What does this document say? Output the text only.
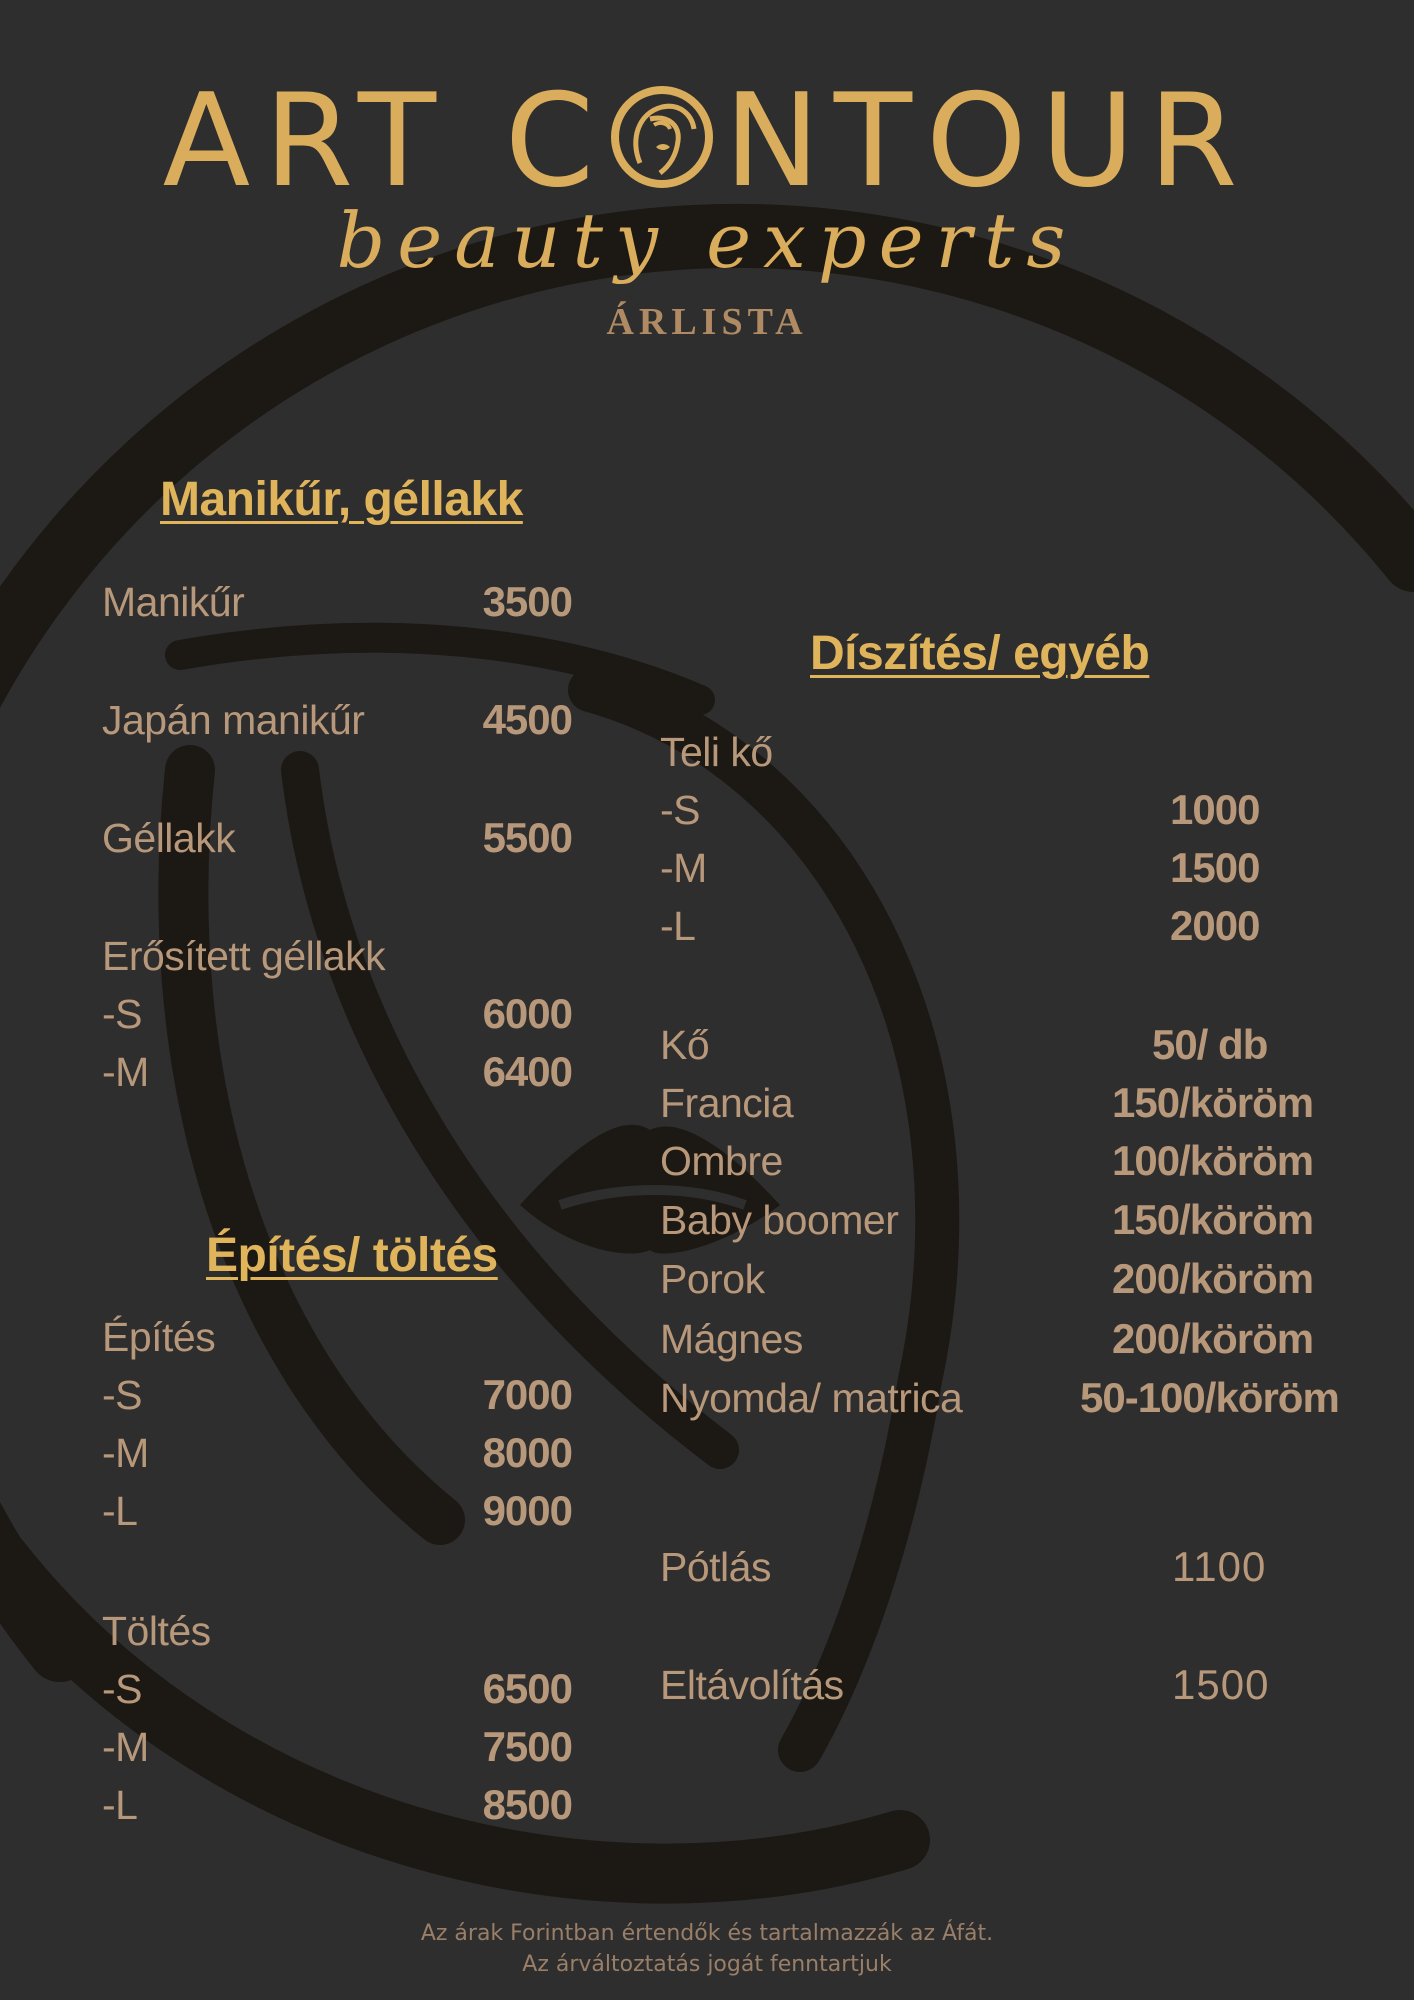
ART C NTOUR
beauty experts
ÁRLISTA
Manikűr, géllakk
Manikűr	3500
Japán manikűr	4500
Géllakk	5500
Erősített géllakk
-S	6000
-M	6400
Építés/ töltés
Építés
-S	7000
-M	8000
-L	9000
Töltés
-S	6500
-M	7500
-L	8500
Díszítés/ egyéb
Teli kő
-S	1000
-M	1500
-L	2000
Kő	50/ db
Francia	150/köröm
Ombre	100/köröm
Baby boomer	150/köröm
Porok	200/köröm
Mágnes	200/köröm
Nyomda/ matrica	50-100/köröm
Pótlás	1100
Eltávolítás	1500
Az árak Forintban értendők és tartalmazzák az Áfát.
Az árváltoztatás jogát fenntartjuk
